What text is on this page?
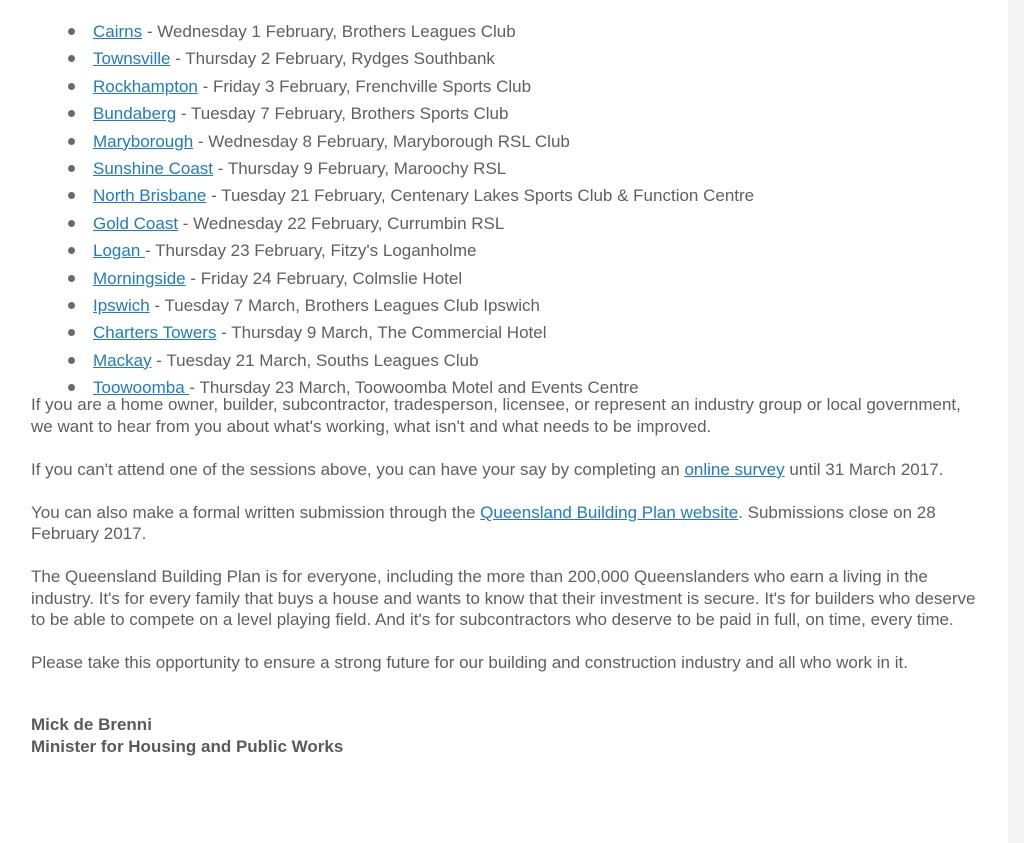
Cairns - Wednesday 1 February, Brothers Leagues Club
Townsville - Thursday 2 February, Rydges Southbank
Rockhampton - Friday 3 February, Frenchville Sports Club
Bundaberg - Tuesday 7 February, Brothers Sports Club
Maryborough - Wednesday 8 February, Maryborough RSL Club
Sunshine Coast - Thursday 9 February, Maroochy RSL
North Brisbane - Tuesday 21 February, Centenary Lakes Sports Club & Function Centre
Gold Coast - Wednesday 22 February, Currumbin RSL
Logan - Thursday 23 February, Fitzy's Loganholme
Morningside - Friday 24 February, Colmslie Hotel
Ipswich - Tuesday 7 March, Brothers Leagues Club Ipswich
Charters Towers - Thursday 9 March, The Commercial Hotel
Mackay - Tuesday 21 March, Souths Leagues Club
Toowoomba - Thursday 23 March, Toowoomba Motel and Events Centre

If you are a home owner, builder, subcontractor, tradesperson, licensee, or represent an industry group or local government, we want to hear from you about what's working, what isn't and what needs to be improved.

If you can't attend one of the sessions above, you can have your say by completing an online survey until 31 March 2017.

You can also make a formal written submission through the Queensland Building Plan website. Submissions close on 28 February 2017.

The Queensland Building Plan is for everyone, including the more than 200,000 Queenslanders who earn a living in the industry. It's for every family that buys a house and wants to know that their investment is secure. It's for builders who deserve to be able to compete on a level playing field. And it's for subcontractors who deserve to be paid in full, on time, every time.

Please take this opportunity to ensure a strong future for our building and construction industry and all who work in it.

Mick de Brenni

Minister for Housing and Public Works
